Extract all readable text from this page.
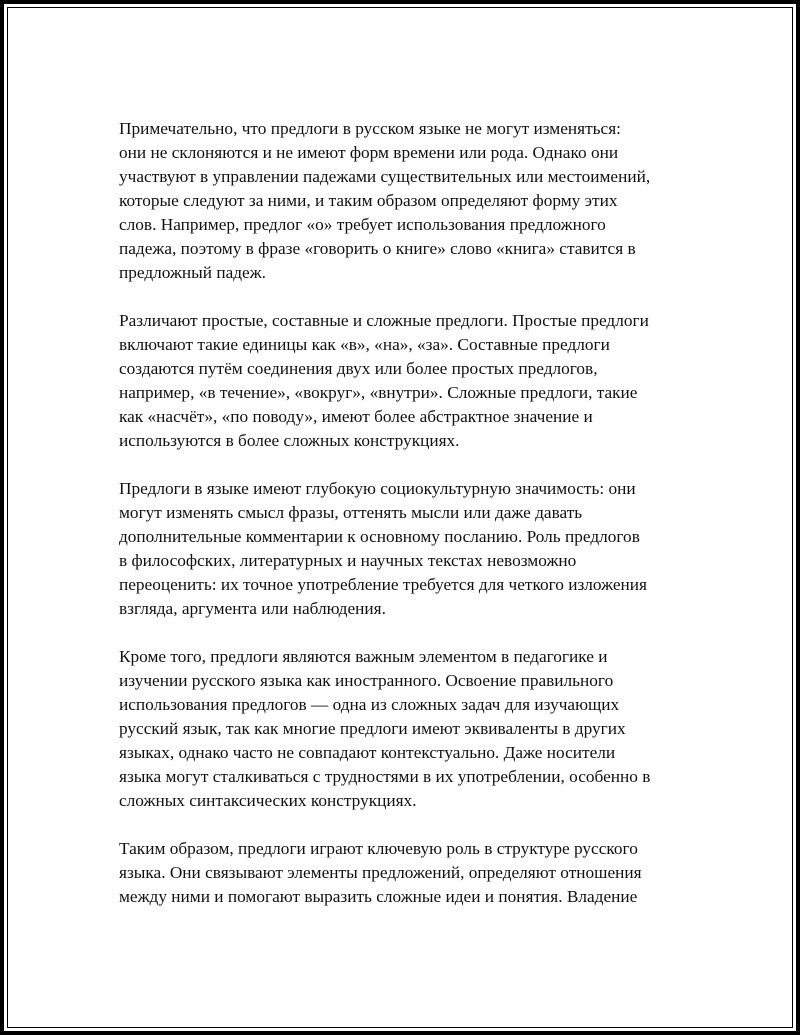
Примечательно, что предлоги в русском языке не могут изменяться:
они не склоняются и не имеют форм времени или рода. Однако они
участвуют в управлении падежами существительных или местоимений,
которые следуют за ними, и таким образом определяют форму этих
слов. Например, предлог «о» требует использования предложного
падежа, поэтому в фразе «говорить о книге» слово «книга» ставится в
предложный падеж.

Различают простые, составные и сложные предлоги. Простые предлоги
включают такие единицы как «в», «на», «за». Составные предлоги
создаются путём соединения двух или более простых предлогов,
например, «в течение», «вокруг», «внутри». Сложные предлоги, такие
как «насчёт», «по поводу», имеют более абстрактное значение и
используются в более сложных конструкциях.

Предлоги в языке имеют глубокую социокультурную значимость: они
могут изменять смысл фразы, оттенять мысли или даже давать
дополнительные комментарии к основному посланию. Роль предлогов
в философских, литературных и научных текстах невозможно
переоценить: их точное употребление требуется для четкого изложения
взгляда, аргумента или наблюдения.

Кроме того, предлоги являются важным элементом в педагогике и
изучении русского языка как иностранного. Освоение правильного
использования предлогов — одна из сложных задач для изучающих
русский язык, так как многие предлоги имеют эквиваленты в других
языках, однако часто не совпадают контекстуально. Даже носители
языка могут сталкиваться с трудностями в их употреблении, особенно в
сложных синтаксических конструкциях.

Таким образом, предлоги играют ключевую роль в структуре русского
языка. Они связывают элементы предложений, определяют отношения
между ними и помогают выразить сложные идеи и понятия. Владение
